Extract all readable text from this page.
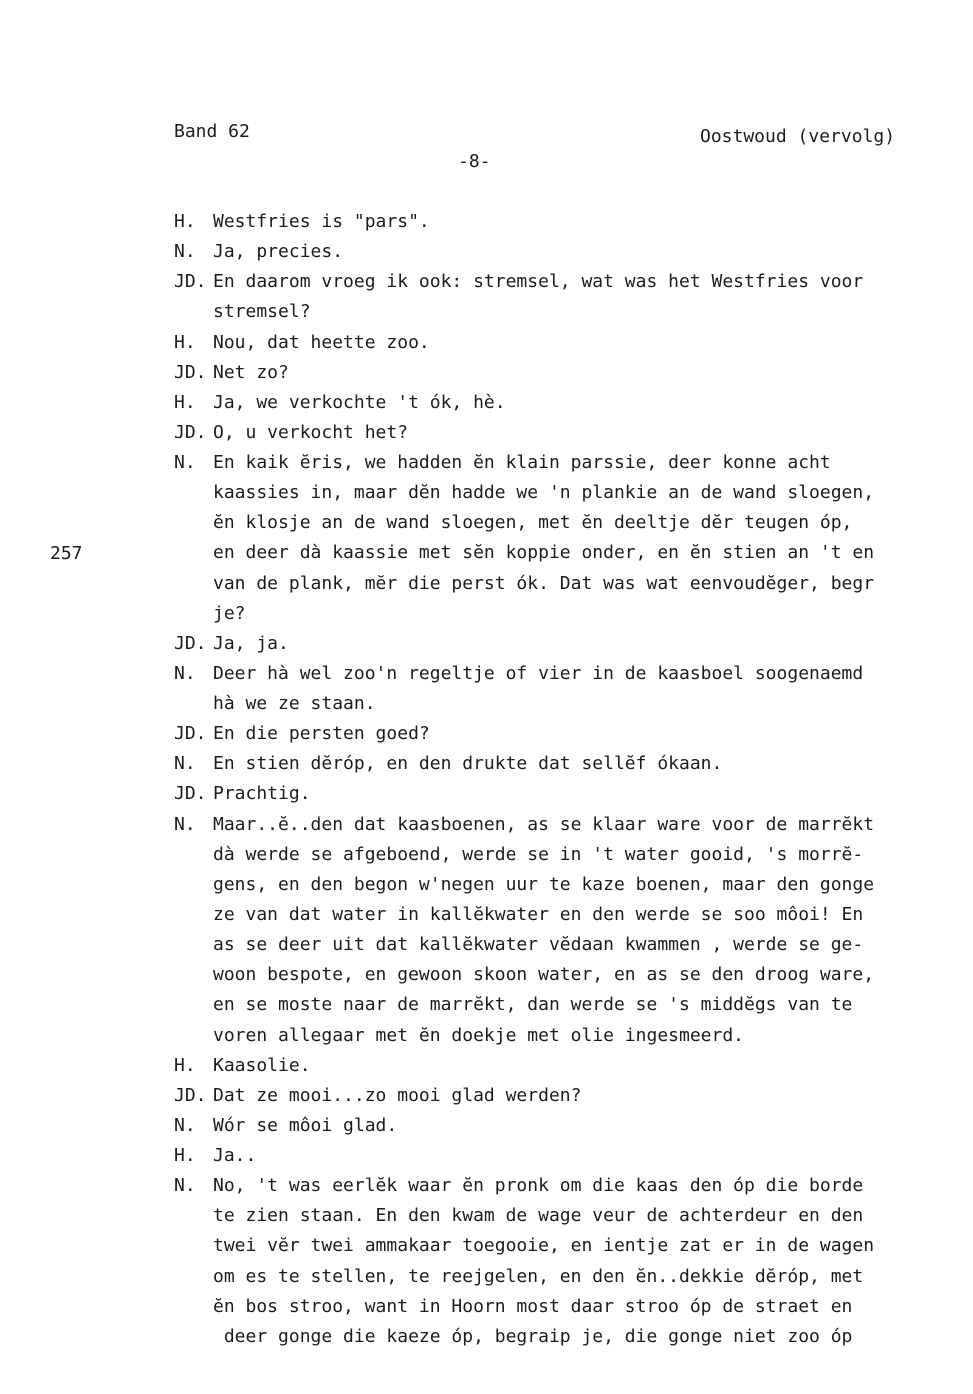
Band 62
-8-
Oostwoud (vervolg)
257
H. Westfries is "pars".
N. Ja, precies.
JD. En daarom vroeg ik ook: stremsel, wat was het Westfries voor
stremsel?
H. Nou, dat heette zoo.
JD. Net zo?
H. Ja, we verkochte 't ók, hè.
JD. O, u verkocht het?
N. En kaik ĕris, we hadden ĕn klain parssie, deer konne acht
kaassies in, maar dĕn hadde we 'n plankie an de wand sloegen,
ĕn klosje an de wand sloegen, met ĕn deeltje dĕr teugen óp,
en deer dà kaassie met sĕn koppie onder, en ĕn stien an 't en
van de plank, mĕr die perst ók. Dat was wat eenvoudĕger, begr
je?
JD. Ja, ja.
N. Deer hà wel zoo'n regeltje of vier in de kaasboel soogenaemd
hà we ze staan.
JD. En die persten goed?
N. En stien dĕróp, en den drukte dat sellĕf ókaan.
JD. Prachtig.
N. Maar..ĕ..den dat kaasboenen, as se klaar ware voor de marrĕkt
dà werde se afgeboend, werde se in 't water gooid, 's morrĕ-
gens, en den begon w'negen uur te kaze boenen, maar den gonge
ze van dat water in kallĕkwater en den werde se soo môoi! En
as se deer uit dat kallĕkwater vĕdaan kwammen , werde se ge-
woon bespote, en gewoon skoon water, en as se den droog ware,
en se moste naar de marrĕkt, dan werde se 's middĕgs van te
voren allegaar met ĕn doekje met olie ingesmeerd.
H. Kaasolie.
JD. Dat ze mooi...zo mooi glad werden?
N. Wór se môoi glad.
H. Ja..
N. No, 't was eerlĕk waar ĕn pronk om die kaas den óp die borde
te zien staan. En den kwam de wage veur de achterdeur en den
twei vĕr twei ammakaar toegooie, en ientje zat er in de wagen
om es te stellen, te reejgelen, en den ĕn..dekkie dĕróp, met
ĕn bos stroo, want in Hoorn most daar stroo óp de straet en
deer gonge die kaeze óp, begraip je, die gonge niet zoo óp
